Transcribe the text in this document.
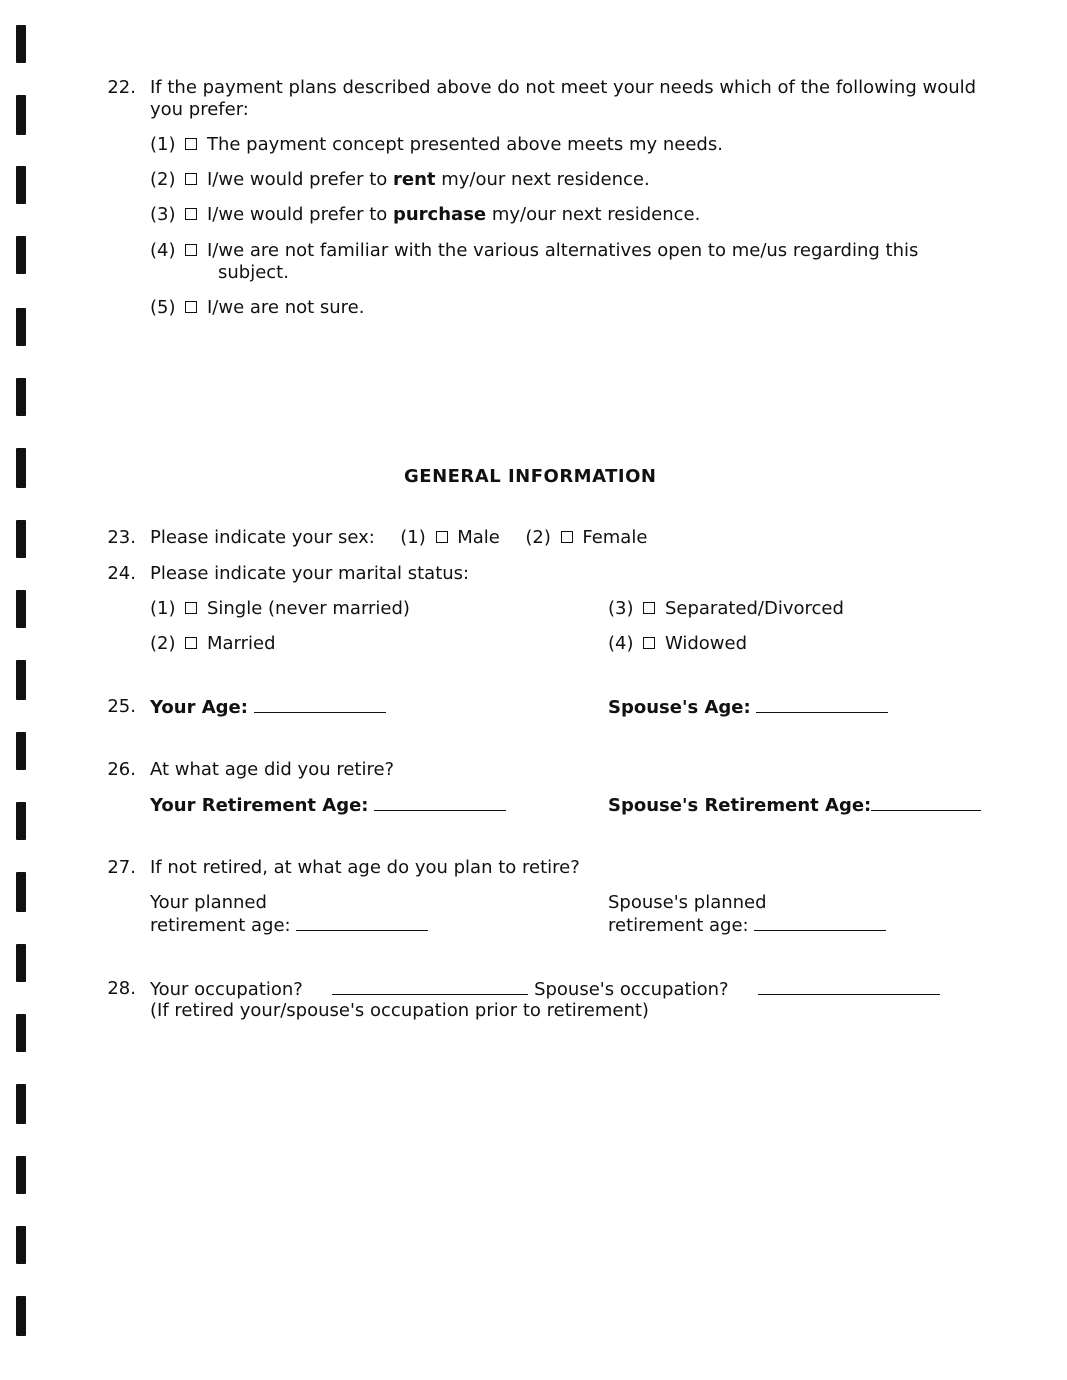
22. If the payment plans described above do not meet your needs which of the following would
you prefer:
(1) The payment concept presented above meets my needs.
(2) I/we would prefer to rent my/our next residence.
(3) I/we would prefer to purchase my/our next residence.
(4) I/we are not familiar with the various alternatives open to me/us regarding this
subject.
(5) I/we are not sure.
GENERAL INFORMATION
23. Please indicate your sex: (1) Male (2) Female
24. Please indicate your marital status:
(1) Single (never married)
(2) Married
(3) Separated/Divorced
(4) Widowed
25. Your Age:	Spouse's Age:
26. At what age did you retire?
Your Retirement Age:	Spouse's Retirement Age:
27. If not retired, at what age do you plan to retire?
Your planned
retirement age:
Spouse's planned
retirement age:
28. Your occupation?	Spouse's occupation?
(If retired your/spouse's occupation prior to retirement)
